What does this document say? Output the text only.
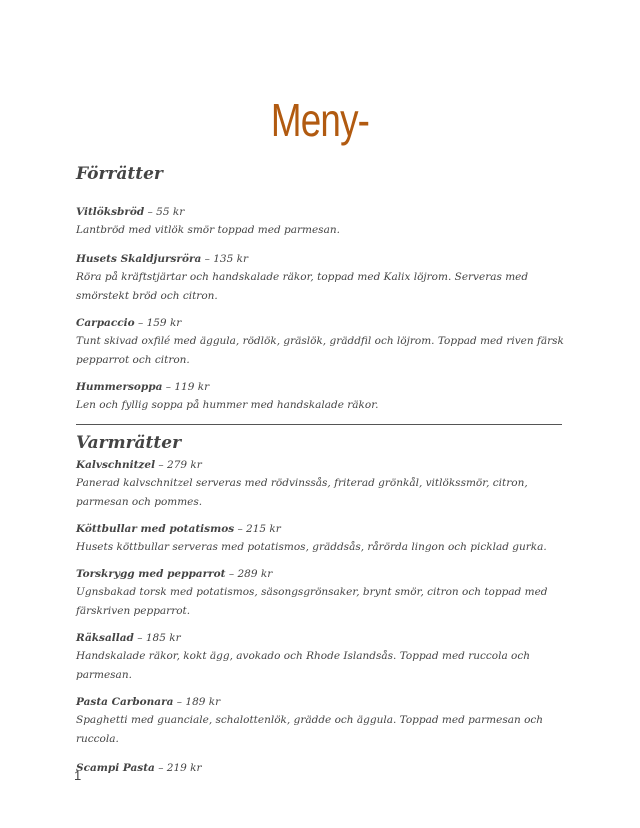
Meny-
Förrätter
Vitlöksbröd – 55 kr
Lantbröd med vitlök smör toppad med parmesan.
Husets Skaldjursröra – 135 kr
Röra på kräftstjärtar och handskalade räkor, toppad med Kalix löjrom. Serveras med smörstekt bröd och citron.
Carpaccio – 159 kr
Tunt skivad oxfilé med äggula, rödlök, gräslök, gräddfil och löjrom. Toppad med riven färsk pepparrot och citron.
Hummersoppa – 119 kr
Len och fyllig soppa på hummer med handskalade räkor.
Varmrätter
Kalvschnitzel – 279 kr
Panerad kalvschnitzel serveras med rödvinssås, friterad grönkål, vitlökssmör, citron, parmesan och pommes.
Köttbullar med potatismos – 215 kr
Husets köttbullar serveras med potatismos, gräddsås, rårörda lingon och picklad gurka.
Torskrygg med pepparrot – 289 kr
Ugnsbakad torsk med potatismos, säsongsgrönsaker, brynt smör, citron och toppad med färskriven pepparrot.
Räksallad – 185 kr
Handskalade räkor, kokt ägg, avokado och Rhode Islandsås. Toppad med ruccola och parmesan.
Pasta Carbonara – 189 kr
Spaghetti med guanciale, schalottenlök, grädde och äggula. Toppad med parmesan och ruccola.
Scampi Pasta – 219 kr
1
